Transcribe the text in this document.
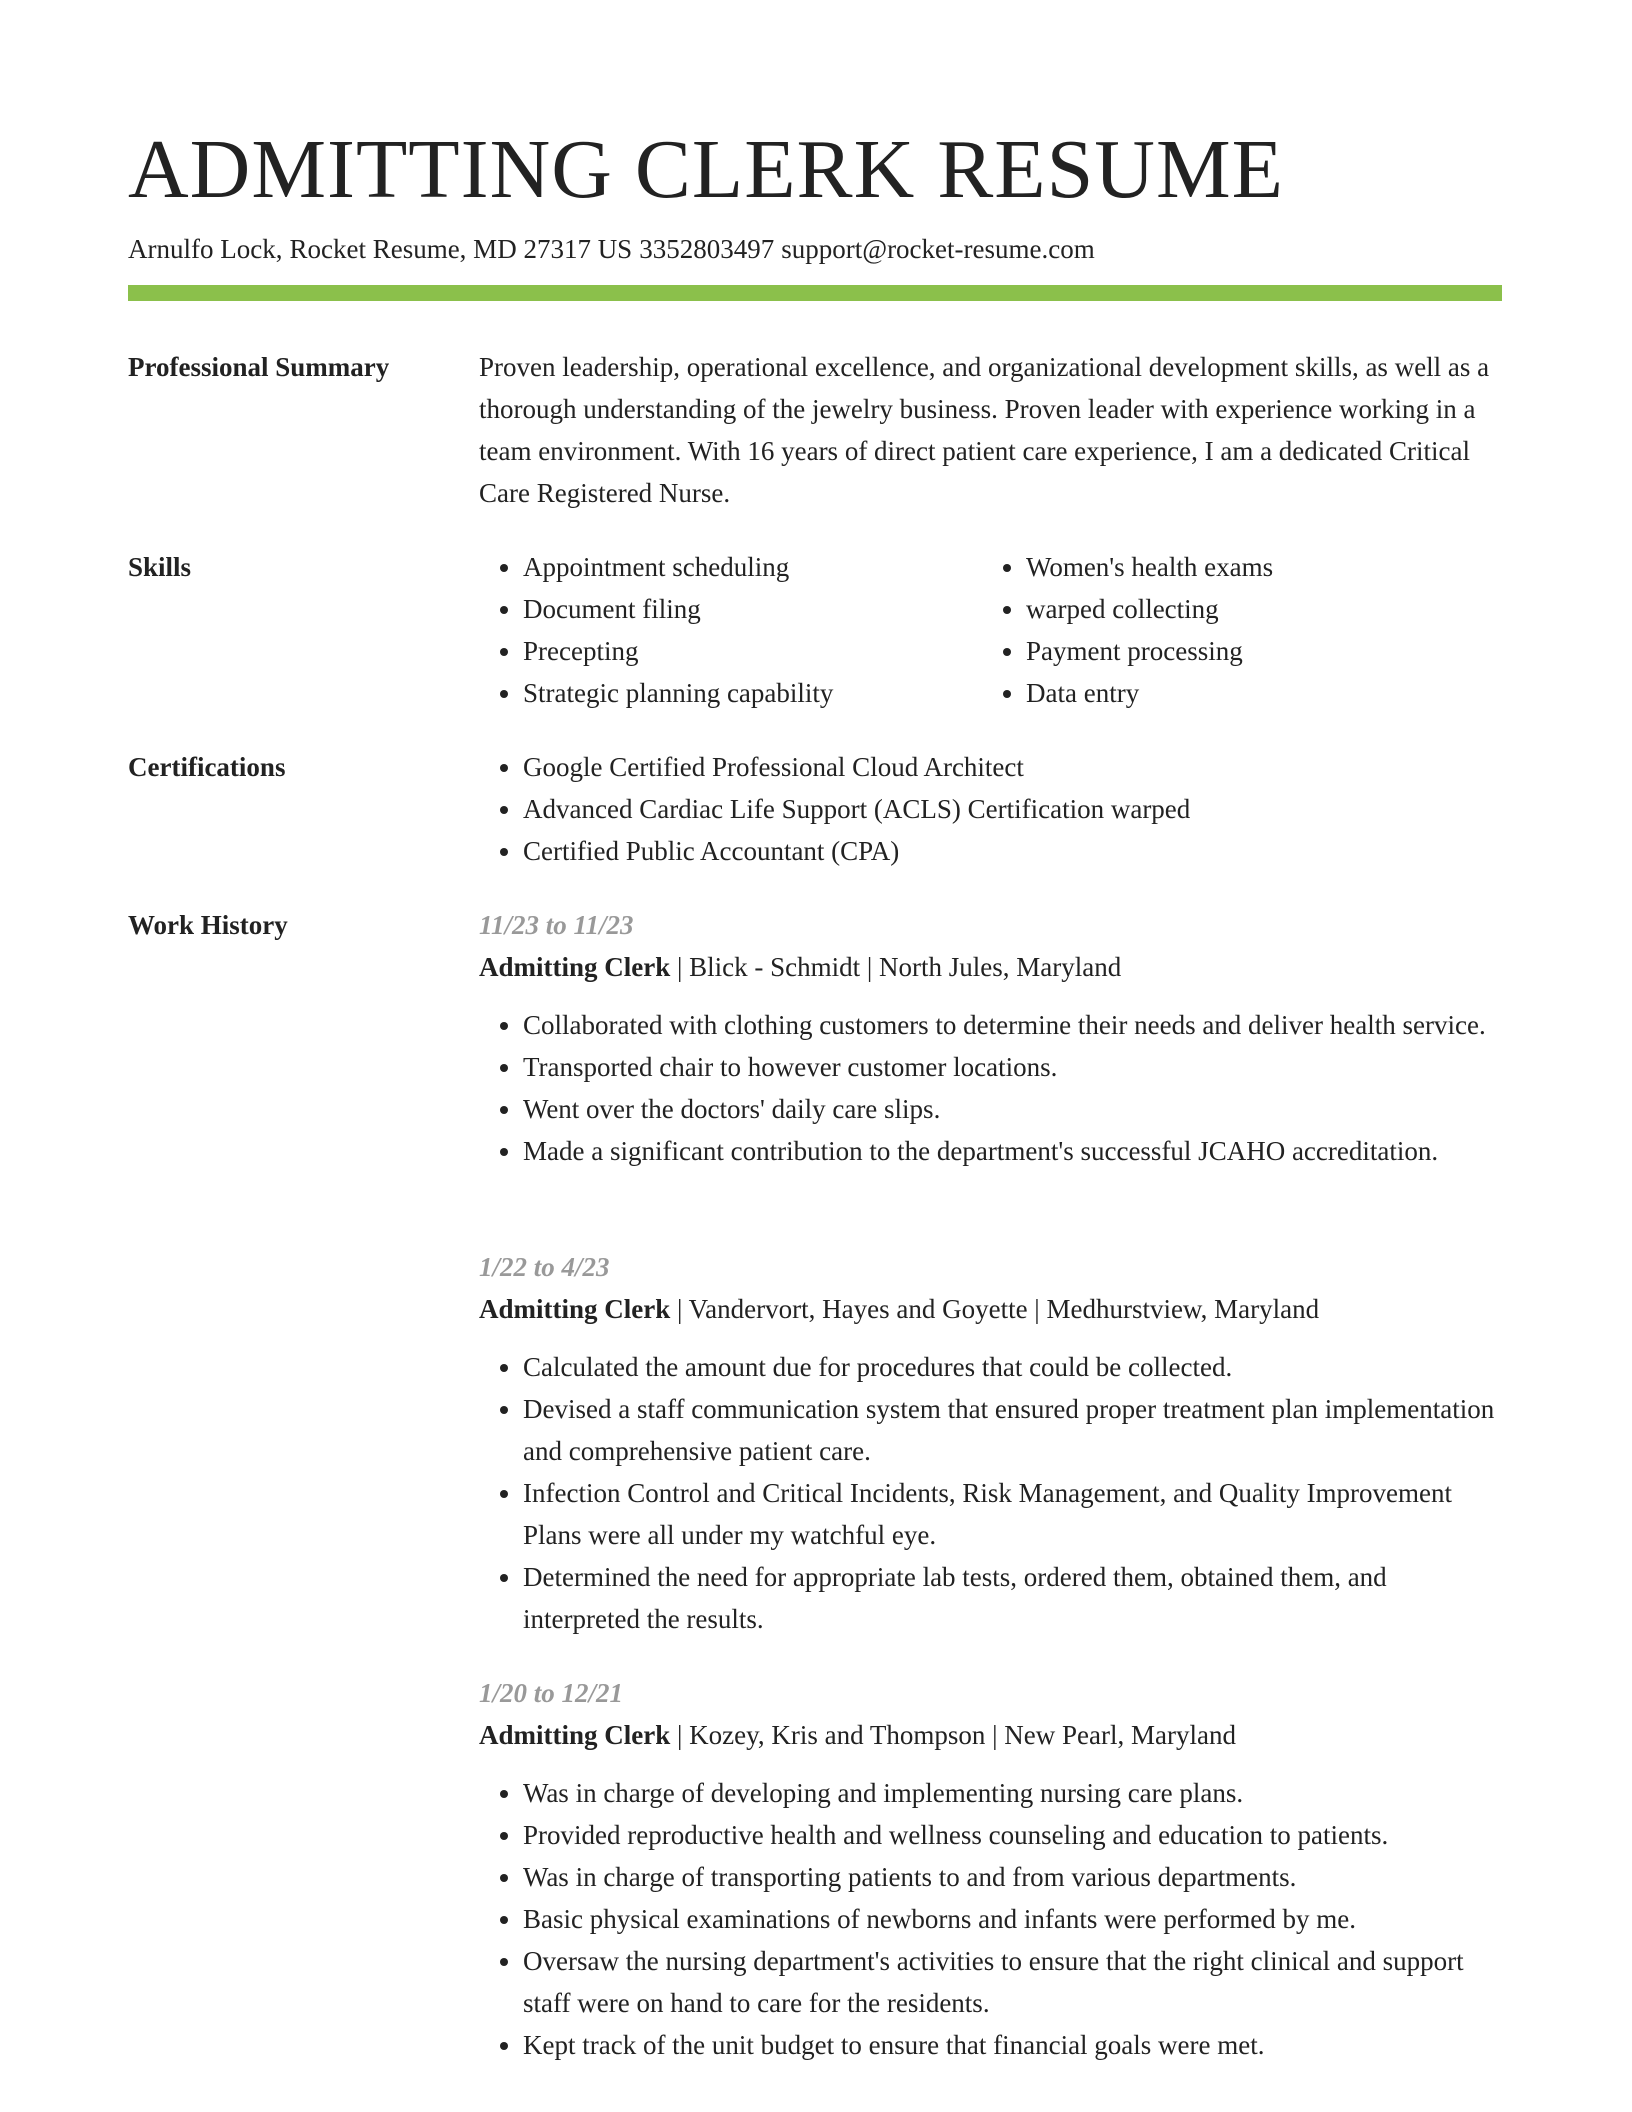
ADMITTING CLERK RESUME
Arnulfo Lock, Rocket Resume, MD 27317 US 3352803497 support@rocket-resume.com
Professional Summary	Proven leadership, operational excellence, and organizational development skills, as well as a thorough understanding of the jewelry business. Proven leader with experience working in a team environment. With 16 years of direct patient care experience, I am a dedicated Critical Care Registered Nurse.

Skills	• Appointment scheduling
• Document filing
• Precepting
• Strategic planning capability
• Women's health exams
• warped collecting
• Payment processing
• Data entry
Certifications	• Google Certified Professional Cloud Architect
• Advanced Cardiac Life Support (ACLS) Certification warped
• Certified Public Accountant (CPA)
Work History	11/23 to 11/23
Admitting Clerk | Blick - Schmidt | North Jules, Maryland
• Collaborated with clothing customers to determine their needs and deliver health service.
• Transported chair to however customer locations.
• Went over the doctors' daily care slips.
• Made a significant contribution to the department's successful JCAHO accreditation.
1/22 to 4/23
Admitting Clerk | Vandervort, Hayes and Goyette | Medhurstview, Maryland
• Calculated the amount due for procedures that could be collected.
• Devised a staff communication system that ensured proper treatment plan implementation and comprehensive patient care.
• Infection Control and Critical Incidents, Risk Management, and Quality Improvement Plans were all under my watchful eye.
• Determined the need for appropriate lab tests, ordered them, obtained them, and interpreted the results.
1/20 to 12/21
Admitting Clerk | Kozey, Kris and Thompson | New Pearl, Maryland
• Was in charge of developing and implementing nursing care plans.
• Provided reproductive health and wellness counseling and education to patients.
• Was in charge of transporting patients to and from various departments.
• Basic physical examinations of newborns and infants were performed by me.
• Oversaw the nursing department's activities to ensure that the right clinical and support staff were on hand to care for the residents.
• Kept track of the unit budget to ensure that financial goals were met.
